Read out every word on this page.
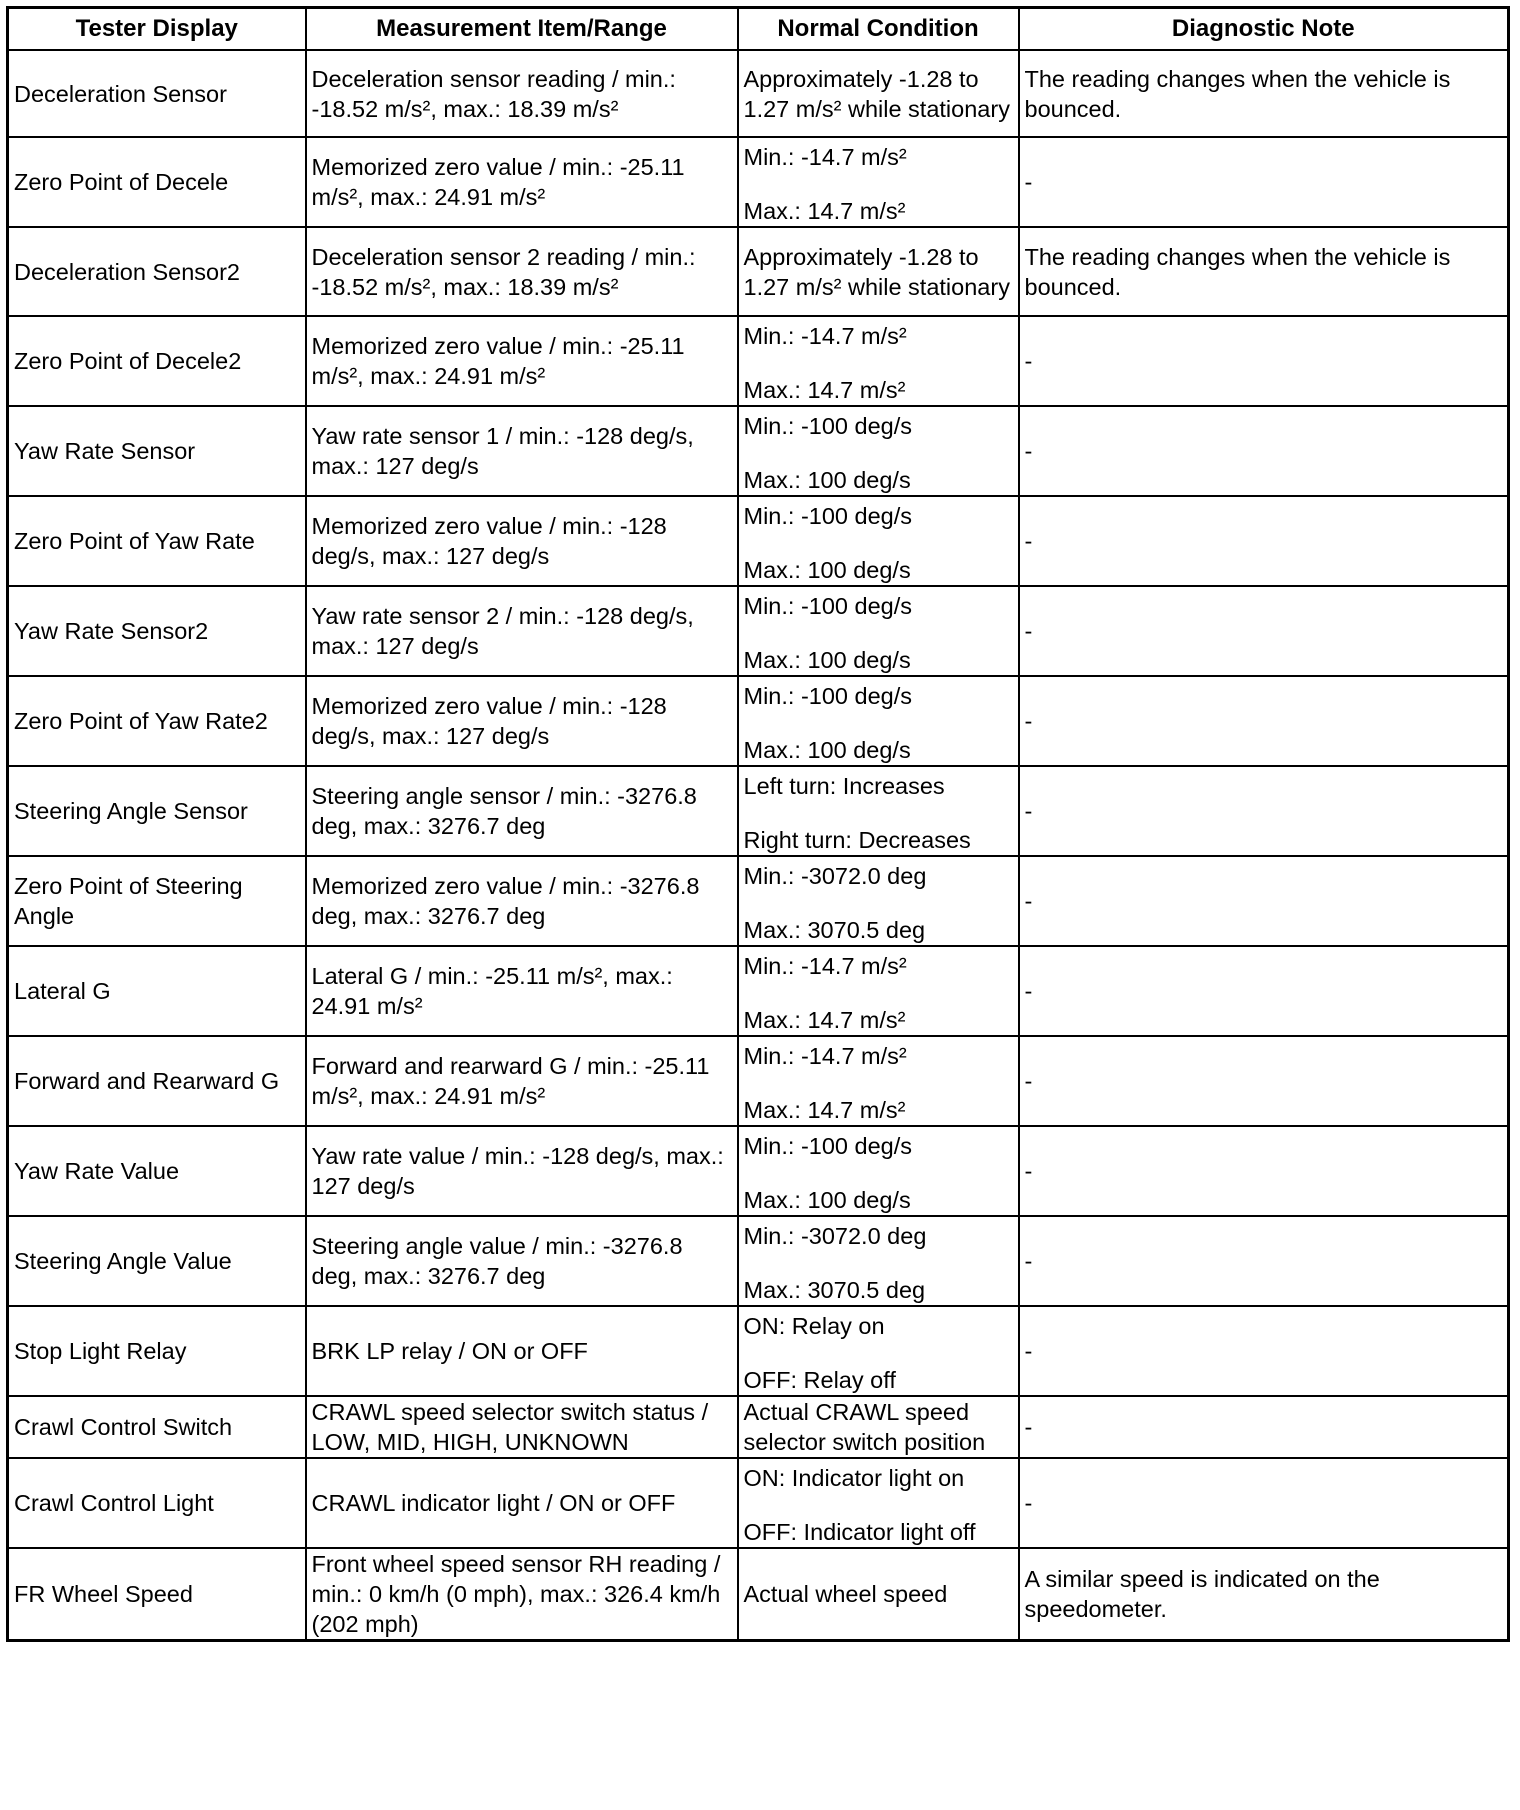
Tester Display	Measurement Item/Range	Normal Condition	Diagnostic Note
Deceleration Sensor	Deceleration sensor reading / min.: -18.52 m/s², max.: 18.39 m/s²	Approximately -1.28 to 1.27 m/s² while stationary	The reading changes when the vehicle is bounced.
Zero Point of Decele	Memorized zero value / min.: -25.11 m/s², max.: 24.91 m/s²	Min.: -14.7 m/s²
Max.: 14.7 m/s²	-
Deceleration Sensor2	Deceleration sensor 2 reading / min.: -18.52 m/s², max.: 18.39 m/s²	Approximately -1.28 to 1.27 m/s² while stationary	The reading changes when the vehicle is bounced.
Zero Point of Decele2	Memorized zero value / min.: -25.11 m/s², max.: 24.91 m/s²	Min.: -14.7 m/s²
Max.: 14.7 m/s²	-
Yaw Rate Sensor	Yaw rate sensor 1 / min.: -128 deg/s, max.: 127 deg/s	Min.: -100 deg/s
Max.: 100 deg/s	-
Zero Point of Yaw Rate	Memorized zero value / min.: -128 deg/s, max.: 127 deg/s	Min.: -100 deg/s
Max.: 100 deg/s	-
Yaw Rate Sensor2	Yaw rate sensor 2 / min.: -128 deg/s, max.: 127 deg/s	Min.: -100 deg/s
Max.: 100 deg/s	-
Zero Point of Yaw Rate2	Memorized zero value / min.: -128 deg/s, max.: 127 deg/s	Min.: -100 deg/s
Max.: 100 deg/s	-
Steering Angle Sensor	Steering angle sensor / min.: -3276.8 deg, max.: 3276.7 deg	Left turn: Increases
Right turn: Decreases	-
Zero Point of Steering Angle	Memorized zero value / min.: -3276.8 deg, max.: 3276.7 deg	Min.: -3072.0 deg
Max.: 3070.5 deg	-
Lateral G	Lateral G / min.: -25.11 m/s², max.: 24.91 m/s²	Min.: -14.7 m/s²
Max.: 14.7 m/s²	-
Forward and Rearward G	Forward and rearward G / min.: -25.11 m/s², max.: 24.91 m/s²	Min.: -14.7 m/s²
Max.: 14.7 m/s²	-
Yaw Rate Value	Yaw rate value / min.: -128 deg/s, max.: 127 deg/s	Min.: -100 deg/s
Max.: 100 deg/s	-
Steering Angle Value	Steering angle value / min.: -3276.8 deg, max.: 3276.7 deg	Min.: -3072.0 deg
Max.: 3070.5 deg	-
Stop Light Relay	BRK LP relay / ON or OFF	ON: Relay on
OFF: Relay off	-
Crawl Control Switch	CRAWL speed selector switch status / LOW, MID, HIGH, UNKNOWN	Actual CRAWL speed selector switch position	-
Crawl Control Light	CRAWL indicator light / ON or OFF	ON: Indicator light on
OFF: Indicator light off	-
FR Wheel Speed	Front wheel speed sensor RH reading / min.: 0 km/h (0 mph), max.: 326.4 km/h (202 mph)	Actual wheel speed	A similar speed is indicated on the speedometer.
